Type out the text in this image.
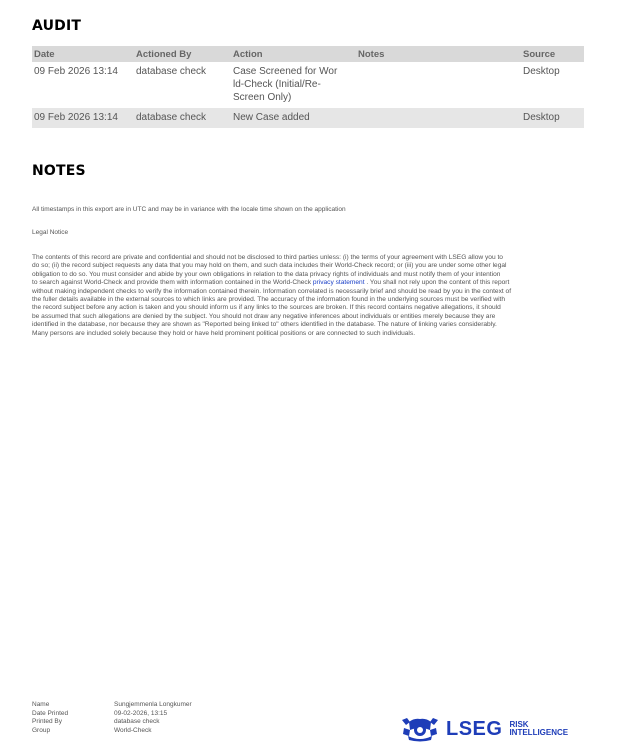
AUDIT
Date	Actioned By	Action	Notes	Source
09 Feb 2026 13:14	database check	Case Screened for Wor
ld-Check (Initial/Re-
Screen Only)		Desktop
09 Feb 2026 13:14	database check	New Case added		Desktop
NOTES
All timestamps in this export are in UTC and may be in variance with the locale time shown on the application
Legal Notice
The contents of this record are private and confidential and should not be disclosed to third parties unless: (i) the terms of your agreement with LSEG allow you to
do so; (ii) the record subject requests any data that you may hold on them, and such data includes their World-Check record; or (iii) you are under some other legal
obligation to do so. You must consider and abide by your own obligations in relation to the data privacy rights of individuals and must notify them of your intention
to search against World-Check and provide them with information contained in the World-Check privacy statement . You shall not rely upon the content of this report
without making independent checks to verify the information contained therein. Information correlated is necessarily brief and should be read by you in the context of
the fuller details available in the external sources to which links are provided. The accuracy of the information found in the underlying sources must be verified with
the record subject before any action is taken and you should inform us if any links to the sources are broken. If this record contains negative allegations, it should
be assumed that such allegations are denied by the subject. You should not draw any negative inferences about individuals or entities merely because they are
identified in the database, nor because they are shown as "Reported being linked to" others identified in the database. The nature of linking varies considerably.
Many persons are included solely because they hold or have held prominent political positions or are connected to such individuals.
Name	Sungjemmenla Longkumer
Date Printed	09-02-2026, 13:15
Printed By	database check
Group	World-Check	LSEG RISK
INTELLIGENCE
